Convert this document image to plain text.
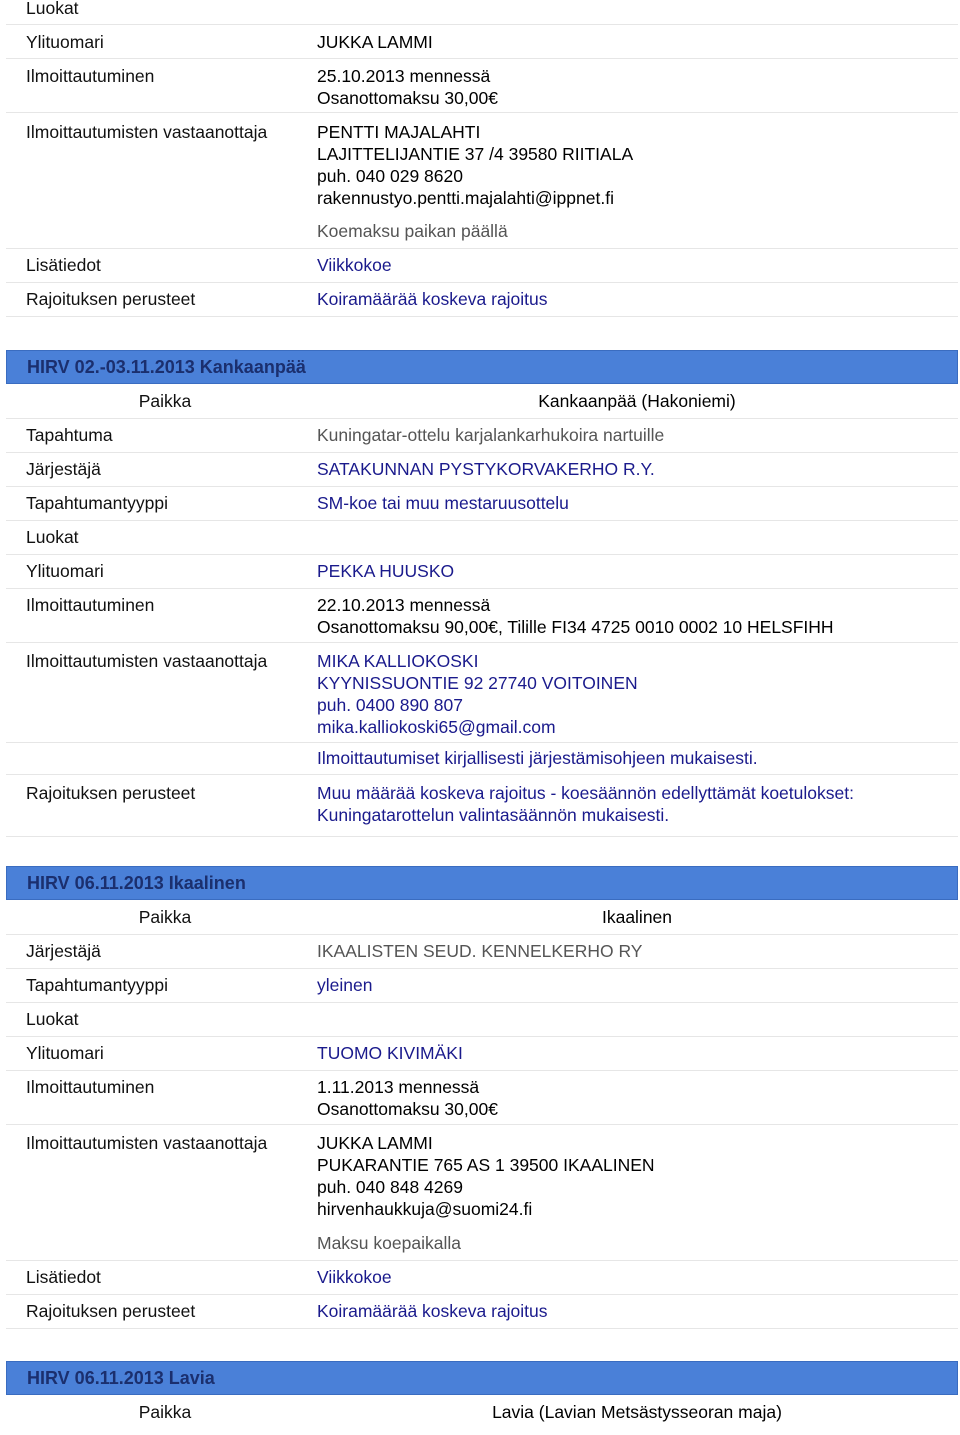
Luokat
Ylituomari	JUKKA LAMMI
Ilmoittautuminen	25.10.2013 mennessä
Osanottomaksu 30,00€
Ilmoittautumisten vastaanottaja	PENTTI MAJALAHTI
LAJITTELIJANTIE 37 /4 39580 RIITIALA
puh. 040 029 8620
rakennustyo.pentti.majalahti@ippnet.fi
Koemaksu paikan päällä
Lisätiedot	Viikkokoe
Rajoituksen perusteet	Koiramäärää koskeva rajoitus
HIRV 02.-03.11.2013 Kankaanpää
Paikka	Kankaanpää (Hakoniemi)
Tapahtuma	Kuningatar-ottelu karjalankarhukoira nartuille
Järjestäjä	SATAKUNNAN PYSTYKORVAKERHO R.Y.
Tapahtumantyyppi	SM-koe tai muu mestaruusottelu
Luokat
Ylituomari	PEKKA HUUSKO
Ilmoittautuminen	22.10.2013 mennessä
Osanottomaksu 90,00€, Tilille FI34 4725 0010 0002 10 HELSFIHH
Ilmoittautumisten vastaanottaja	MIKA KALLIOKOSKI
KYYNISSUONTIE 92 27740 VOITOINEN
puh. 0400 890 807
mika.kalliokoski65@gmail.com
Ilmoittautumiset kirjallisesti järjestämisohjeen mukaisesti.
Rajoituksen perusteet	Muu määrää koskeva rajoitus - koesäännön edellyttämät koetulokset:
Kuningatarottelun valintasäännön mukaisesti.
HIRV 06.11.2013 Ikaalinen
Paikka	Ikaalinen
Järjestäjä	IKAALISTEN SEUD. KENNELKERHO RY
Tapahtumantyyppi	yleinen
Luokat
Ylituomari	TUOMO KIVIMÄKI
Ilmoittautuminen	1.11.2013 mennessä
Osanottomaksu 30,00€
Ilmoittautumisten vastaanottaja	JUKKA LAMMI
PUKARANTIE 765 AS 1 39500 IKAALINEN
puh. 040 848 4269
hirvenhaukkuja@suomi24.fi
Maksu koepaikalla
Lisätiedot	Viikkokoe
Rajoituksen perusteet	Koiramäärää koskeva rajoitus
HIRV 06.11.2013 Lavia
Paikka	Lavia (Lavian Metsästysseoran maja)
